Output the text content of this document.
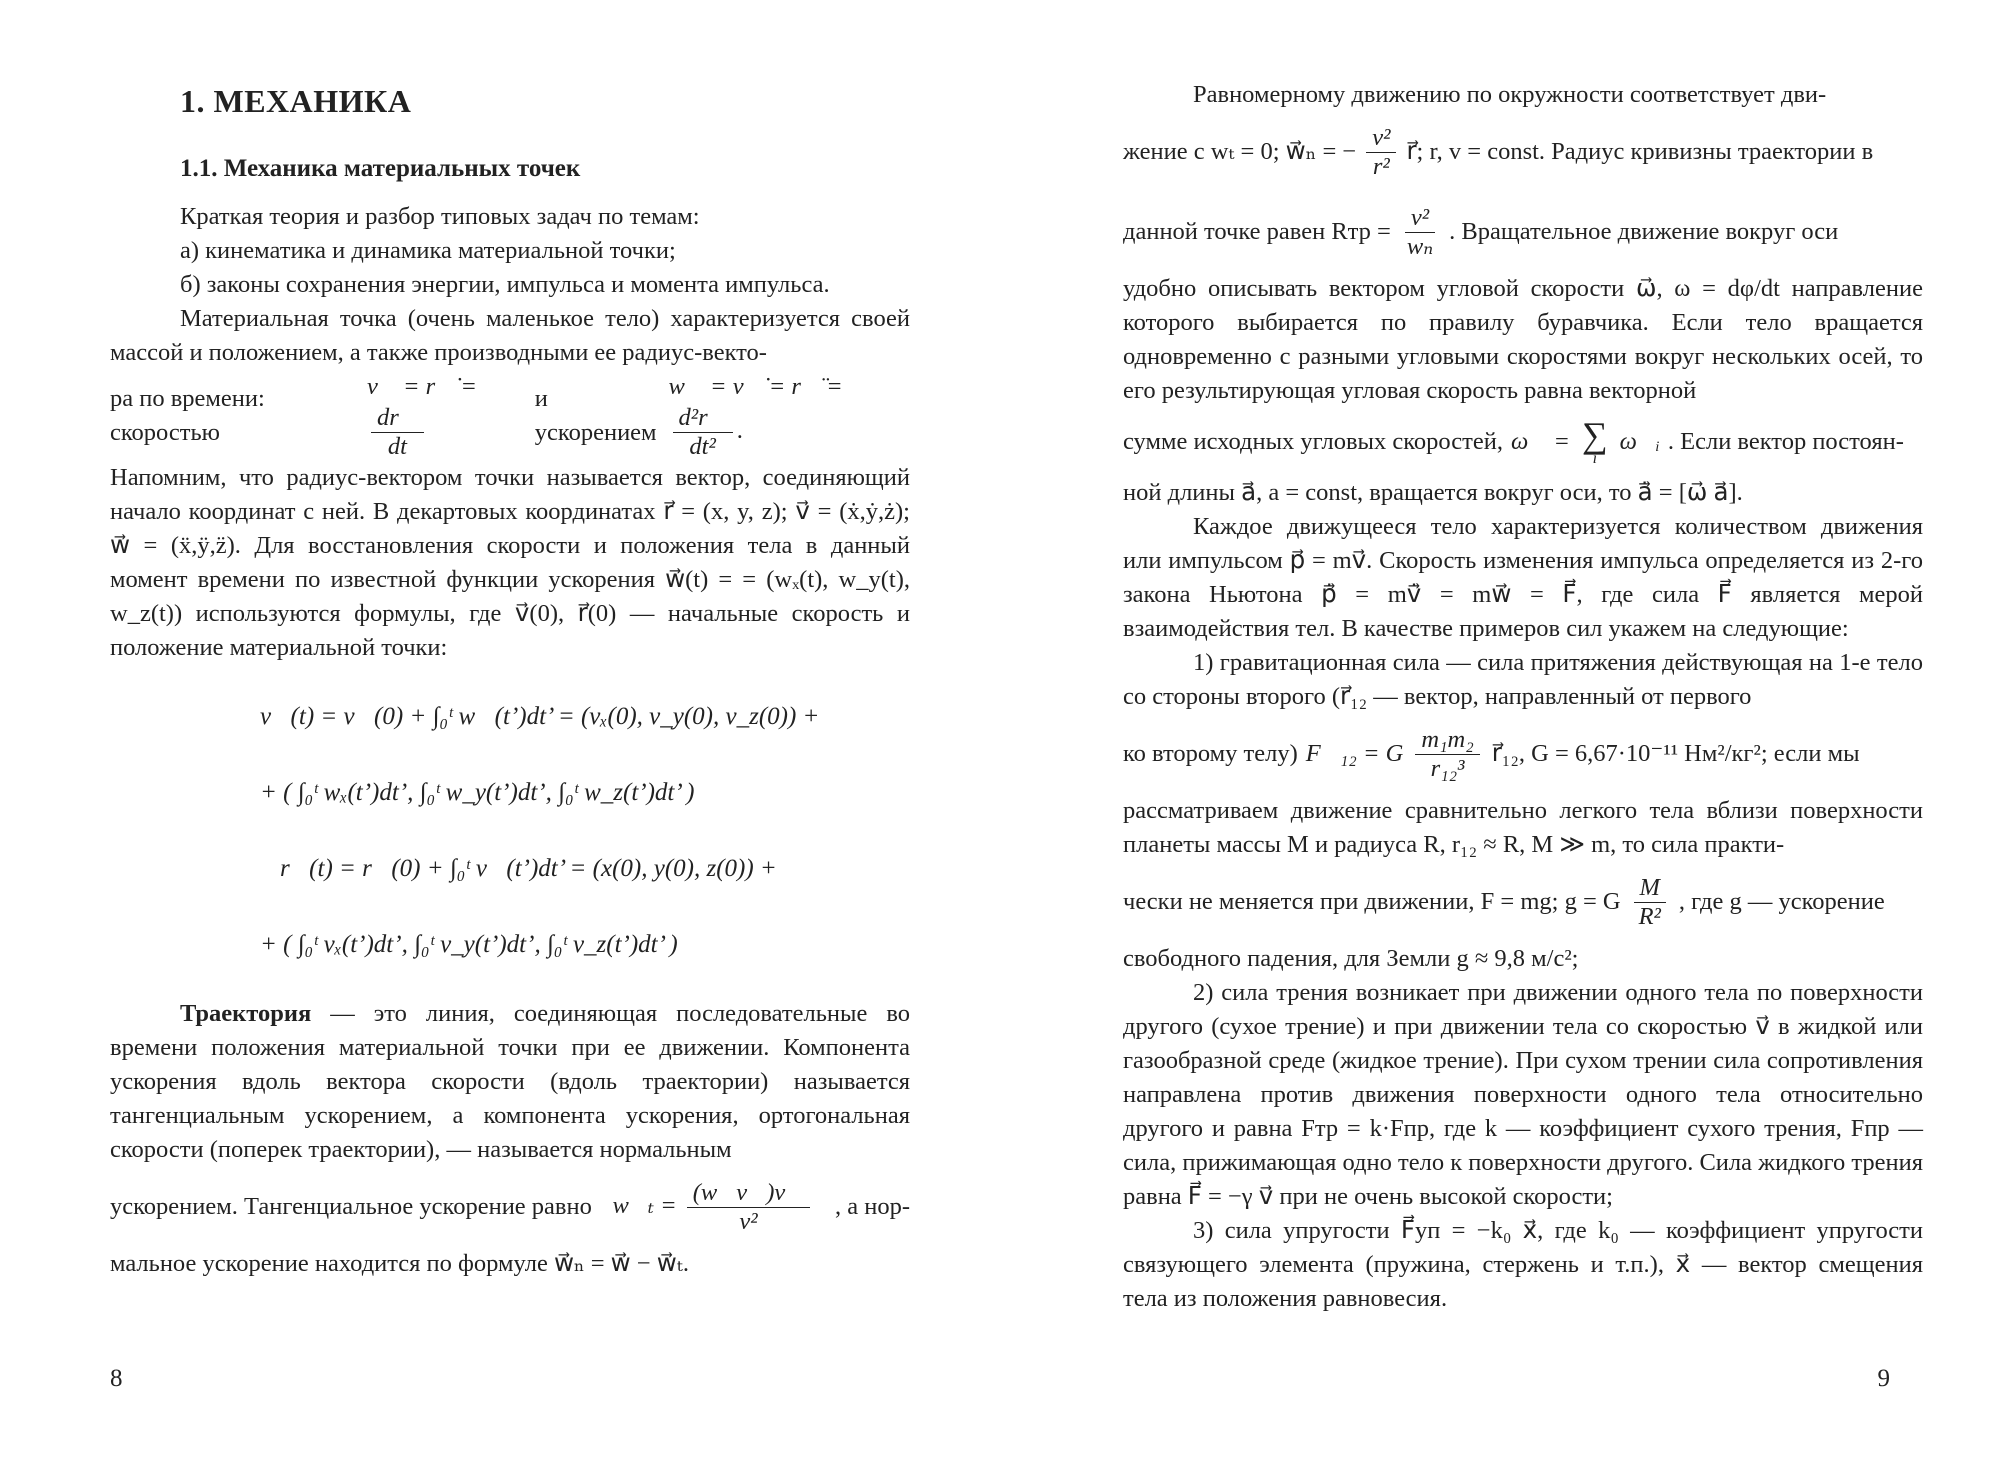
1. МЕХАНИКА
1.1. Механика материальных точек

Краткая теория и разбор типовых задач по темам:

а) кинематика и динамика материальной точки;

б) законы сохранения энергии, импульса и момента импульса.

Материальная точка (очень маленькое тело) характеризуется своей массой и положением, а также производными ее радиус-векто-

ра по времени: скоростью
v⃗ = r⃗̇ =
$\frac{dr⃗}{dt}$
и ускорением
w⃗ = v⃗̇ = r⃗̈ =
$\frac{\text{d²r⃗}}{\text{dt²}}$ .

Напомним, что радиус-вектором точки называется вектор, соединяющий начало координат с ней. В декартовых координатах r⃗ = (x, y, z); v⃗ = (ẋ,ẏ,ż); w⃗ = (ẍ,ÿ,z̈). Для восстановления скорости и положения тела в данный момент времени по известной функции ускорения w⃗(t) = = (wₓ(t), w_y(t), w_z(t)) используются формулы, где v⃗(0), r⃗(0) — начальные скорость и положение материальной точки:

v⃗(t) = v⃗(0) + ∫₀ᵗ w⃗(t’)dt’ = (vₓ(0), v_y(0), v_z(0)) +
+ ( ∫₀ᵗ wₓ(t’)dt’, ∫₀ᵗ w_y(t’)dt’, ∫₀ᵗ w_z(t’)dt’ )
r⃗(t) = r⃗(0) + ∫₀ᵗ v⃗(t’)dt’ = (x(0), y(0), z(0)) +
+ ( ∫₀ᵗ vₓ(t’)dt’, ∫₀ᵗ v_y(t’)dt’, ∫₀ᵗ v_z(t’)dt’ )

Траектория — это линия, соединяющая последовательные во времени положения материальной точки при ее движении. Компонента ускорения вдоль вектора скорости (вдоль траектории) называется тангенциальным ускорением, а компонента ускорения, ортогональная скорости (поперек траектории), — называется нормальным

ускорением. Тангенциальное ускорение равно w⃗ₜ = $\frac{(w⃗v⃗)v⃗}{\text{v²}}$ , а нор-

мальное ускорение находится по формуле w⃗ₙ = w⃗ − w⃗ₜ.

8

Равномерному движению по окружности соответствует дви-

жение с wₜ = 0; w⃗ₙ = − $\frac{\text{v²}}{\text{r²}}$ r⃗; r, v = const. Радиус кривизны траектории в
данной точке равен Rтр = $\frac{\text{v²}}{\text{wₙ}}$ . Вращательное движение вокруг оси

удобно описывать вектором угловой скорости ω⃗, ω = dφ/dt направление которого выбирается по правилу буравчика. Если тело вращается одновременно с разными угловыми скоростями вокруг нескольких осей, то его результирующая угловая скорость равна векторной

сумме исходных угловых скоростей, ω⃗ = ∑
i
ω⃗ᵢ . Если вектор постоян-

ной длины a⃗, a = const, вращается вокруг оси, то a⃗̇ = [ω⃗ a⃗].

Каждое движущееся тело характеризуется количеством движения или импульсом p⃗ = mv⃗. Скорость изменения импульса определяется из 2-го закона Ньютона p⃗̇ = mv⃗̇ = mw⃗ = F⃗, где сила F⃗ является мерой взаимодействия тел. В качестве примеров сил укажем на следующие:

1) гравитационная сила — сила притяжения действующая на 1-е тело со стороны второго (r⃗₁₂ — вектор, направленный от первого

ко второму телу) F⃗₁₂ = G $\frac{\text{m₁m₂}}{\text{r₁₂³}}$ r⃗₁₂, G = 6,67·10⁻¹¹ Нм²/кг²; если мы

рассматриваем движение сравнительно легкого тела вблизи поверхности планеты массы M и радиуса R, r₁₂ ≈ R, M ≫ m, то сила практи-

чески не меняется при движении, F = mg; g = G $\frac{M}{\text{R²}}$ , где g — ускорение

свободного падения, для Земли g ≈ 9,8 м/с²;

2) сила трения возникает при движении одного тела по поверхности другого (сухое трение) и при движении тела со скоростью v⃗ в жидкой или газообразной среде (жидкое трение). При сухом трении сила сопротивления направлена против движения поверхности одного тела относительно другого и равна Fтр = k·Fпр, где k — коэффициент сухого трения, Fпр — сила, прижимающая одно тело к поверхности другого. Сила жидкого трения равна F⃗ = −γ v⃗ при не очень высокой скорости;

3) сила упругости F⃗уп = −k₀ x⃗, где k₀ — коэффициент упругости связующего элемента (пружина, стержень и т.п.), x⃗ — вектор смещения тела из положения равновесия.

9
